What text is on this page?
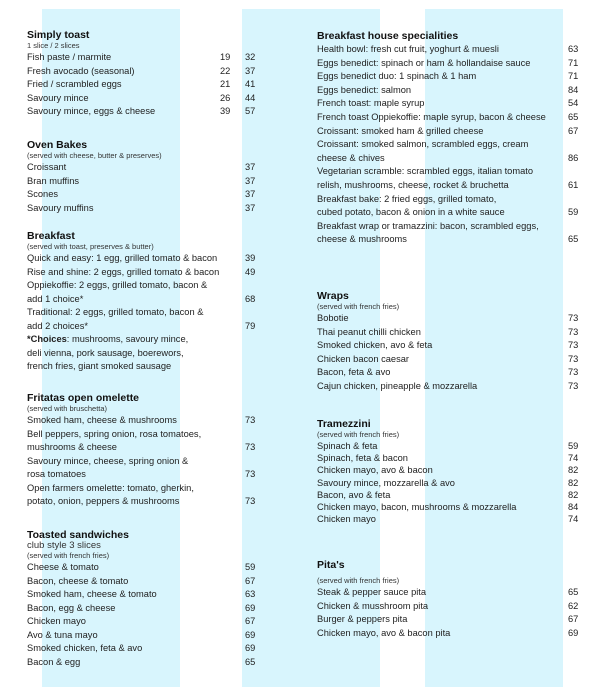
Simply toast
1 slice / 2 slices
Fish paste / marmite	19 32
Fresh avocado (seasonal)	22 37
Fried / scrambled eggs	21 41
Savoury mince	26 44
Savoury mince, eggs & cheese	39 57
Oven Bakes
(served with cheese, butter & preserves)
Croissant	37
Bran muffins	37
Scones	37
Savoury muffins	37
Breakfast
(served with toast, preserves & butter)
Quick and easy: 1 egg, grilled tomato & bacon	39
Rise and shine: 2 eggs, grilled tomato & bacon	49
Oppiekoffie: 2 eggs, grilled tomato, bacon &
add 1 choice*	68
Traditional: 2 eggs, grilled tomato, bacon &
add 2 choices*	79
*Choices: mushrooms, savoury mince,
deli vienna, pork sausage, boerewors,
french fries, giant smoked sausage
Fritatas open omelette
(served with bruschetta)
Smoked ham, cheese & mushrooms	73
Bell peppers, spring onion, rosa tomatoes,
mushrooms & cheese	73
Savoury mince, cheese, spring onion &
rosa tomatoes	73
Open farmers omelette: tomato, gherkin,
potato, onion, peppers & mushrooms	73
Toasted sandwiches
club style 3 slices
(served with french fries)
Cheese & tomato	59
Bacon, cheese & tomato	67
Smoked ham, cheese & tomato	63
Bacon, egg & cheese	69
Chicken mayo	67
Avo & tuna mayo	69
Smoked chicken, feta & avo	69
Bacon & egg	65
Breakfast house specialities
Health bowl: fresh cut fruit, yoghurt & muesli	63
Eggs benedict: spinach or ham & hollandaise sauce	71
Eggs benedict duo: 1 spinach & 1 ham	71
Eggs benedict: salmon	84
French toast: maple syrup	54
French toast Oppiekoffie: maple syrup, bacon & cheese	65
Croissant: smoked ham & grilled cheese	67
Croissant: smoked salmon, scrambled eggs, cream
cheese & chives	86
Vegetarian scramble: scrambled eggs, italian tomato
relish, mushrooms, cheese, rocket & bruchetta	61
Breakfast bake: 2 fried eggs, grilled tomato,
cubed potato, bacon & onion in a white sauce	59
Breakfast wrap or tramazzini: bacon, scrambled eggs,
cheese & mushrooms	65
Wraps
(served with french fries)
Bobotie	73
Thai peanut chilli chicken	73
Smoked chicken, avo & feta	73
Chicken bacon caesar	73
Bacon, feta & avo	73
Cajun chicken, pineapple & mozzarella	73
Tramezzini
(served with french fries)
Spinach & feta	59
Spinach, feta & bacon	74
Chicken mayo, avo & bacon	82
Savoury mince, mozzarella & avo	82
Bacon, avo & feta	82
Chicken mayo, bacon, mushrooms & mozzarella	84
Chicken mayo	74
Pita's
(served with french fries)
Steak & pepper sauce pita	65
Chicken & musshroom pita	62
Burger & peppers pita	67
Chicken mayo, avo & bacon pita	69
